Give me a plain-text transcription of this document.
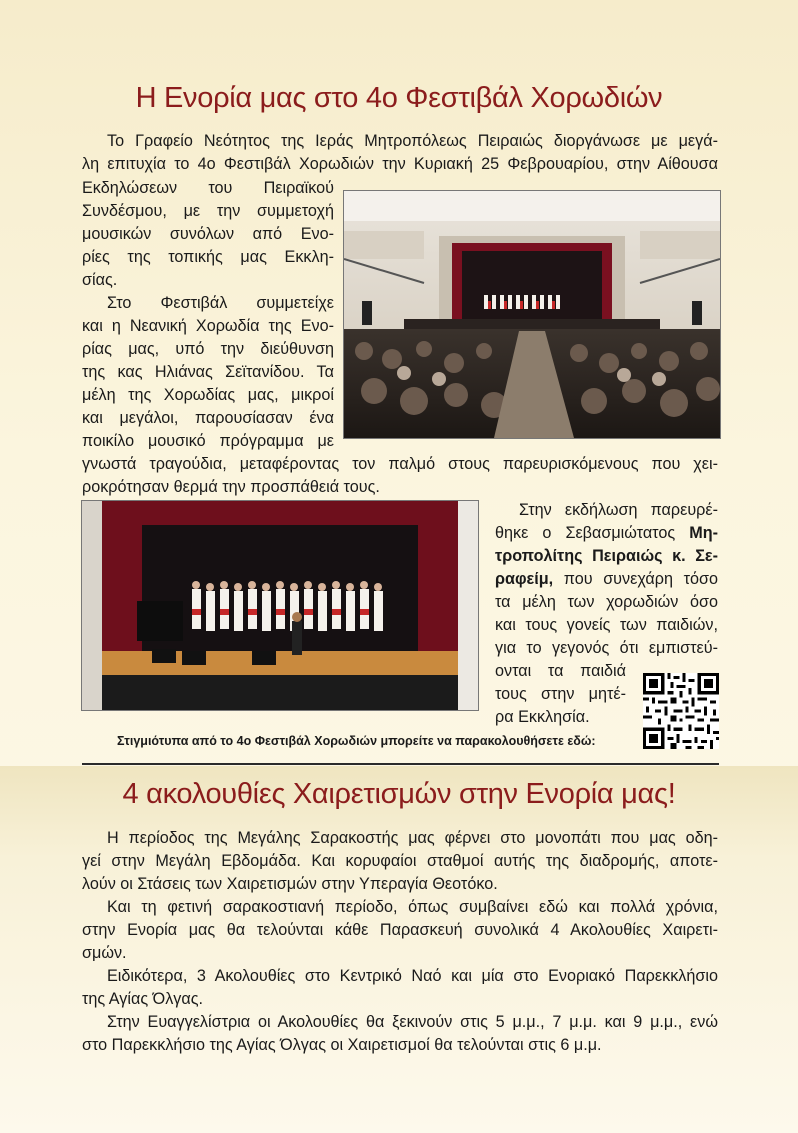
Η Ενορία μας στο 4ο Φεστιβάλ Χορωδιών
Το Γραφείο Νεότητος της Ιεράς Μητροπόλεως Πειραιώς διοργάνωσε με μεγά-
λη επιτυχία το 4ο Φεστιβάλ Χορωδιών την Κυριακή 25 Φεβρουαρίου, στην Αίθουσα
Εκδηλώσεων του Πειραϊκού
Συνδέσμου, με την συμμετοχή
μουσικών συνόλων από Ενο-
ρίες της τοπικής μας Εκκλη-
σίας.
Στο Φεστιβάλ συμμετείχε
και η Νεανική Χορωδία της Ενο-
ρίας μας, υπό την διεύθυνση
της κας Ηλιάνας Σεϊτανίδου. Τα
μέλη της Χορωδίας μας, μικροί
και μεγάλοι, παρουσίασαν ένα
ποικίλο μουσικό πρόγραμμα με
γνωστά τραγούδια, μεταφέροντας τον παλμό στους παρευρισκόμενους που χει-
ροκρότησαν θερμά την προσπάθειά τους.
Στην εκδήλωση παρευρέ-
θηκε ο Σεβασμιώτατος Μη-
τροπολίτης Πειραιώς κ. Σε-
ραφείμ, που συνεχάρη τόσο
τα μέλη των χορωδιών όσο
και τους γονείς των παιδιών,
για το γεγονός ότι εμπιστεύ-
ονται τα παιδιά
τους στην μητέ-
ρα Εκκλησία.
Στιγμιότυπα από το 4ο Φεστιβάλ Χορωδιών μπορείτε να παρακολουθήσετε εδώ:
4 ακολουθίες Χαιρετισμών στην Ενορία μας!
Η περίοδος της Μεγάλης Σαρακοστής μας φέρνει στο μονοπάτι που μας οδη-
γεί στην Μεγάλη Εβδομάδα. Και κορυφαίοι σταθμοί αυτής της διαδρομής, αποτε-
λούν οι Στάσεις των Χαιρετισμών στην Υπεραγία Θεοτόκο.
Και τη φετινή σαρακοστιανή περίοδο, όπως συμβαίνει εδώ και πολλά χρόνια,
στην Ενορία μας θα τελούνται κάθε Παρασκευή συνολικά 4 Ακολουθίες Χαιρετι-
σμών.
Ειδικότερα, 3 Ακολουθίες στο Κεντρικό Ναό και μία στο Ενοριακό Παρεκκλήσιο
της Αγίας Όλγας.
Στην Ευαγγελίστρια οι Ακολουθίες θα ξεκινούν στις 5 μ.μ., 7 μ.μ. και 9 μ.μ., ενώ
στο Παρεκκλήσιο της Αγίας Όλγας οι Χαιρετισμοί θα τελούνται στις 6 μ.μ.
